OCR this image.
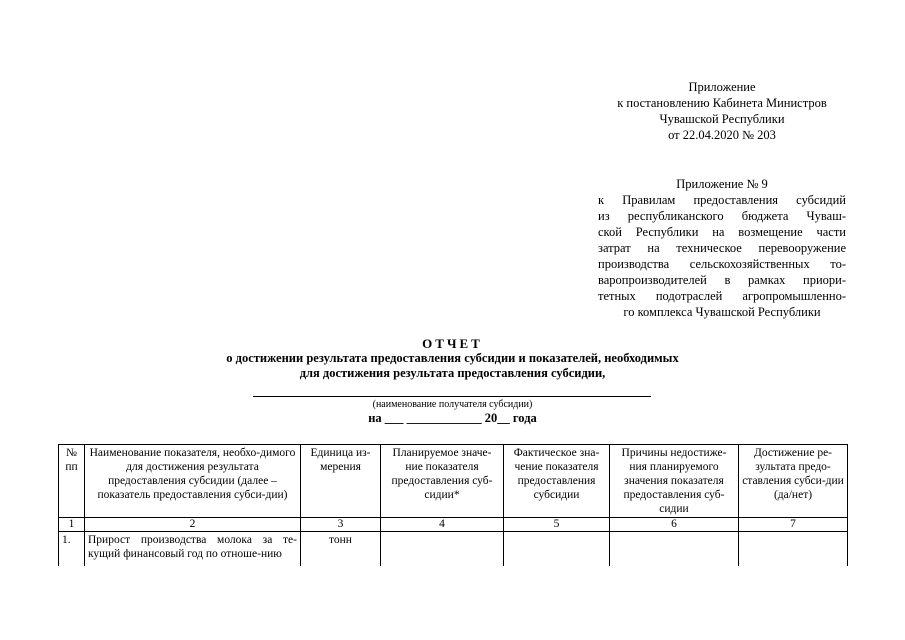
Приложение
к постановлению Кабинета Министров
Чувашской Республики
от 22.04.2020 № 203
Приложение № 9
к Правилам предоставления субсидий
из республиканского бюджета Чуваш-
ской Республики на возмещение части
затрат на техническое перевооружение
производства сельскохозяйственных то-
варопроизводителей в рамках приори-
тетных подотраслей агропромышленно-
го комплекса Чувашской Республики
ОТЧЕТ
о достижении результата предоставления субсидии и показателей, необходимых
для достижения результата предоставления субсидии,
(наименование получателя субсидии)
на ___ ____________ 20__ года
№ пп	Наименование показателя, необхо-димого для достижения результата предоставления субсидии (далее – показатель предоставления субси-дии)	Единица из-мерения	Планируемое значе-ние показателя предоставления суб-сидии*	Фактическое зна-чение показателя предоставления субсидии	Причины недостиже-ния планируемого значения показателя предоставления суб-сидии	Достижение ре-зультата предо-ставления субси-дии (да/нет)
1	2	3	4	5	6	7
1.	Прирост производства молока за те-кущий финансовый год по отноше-нию	тонн				
